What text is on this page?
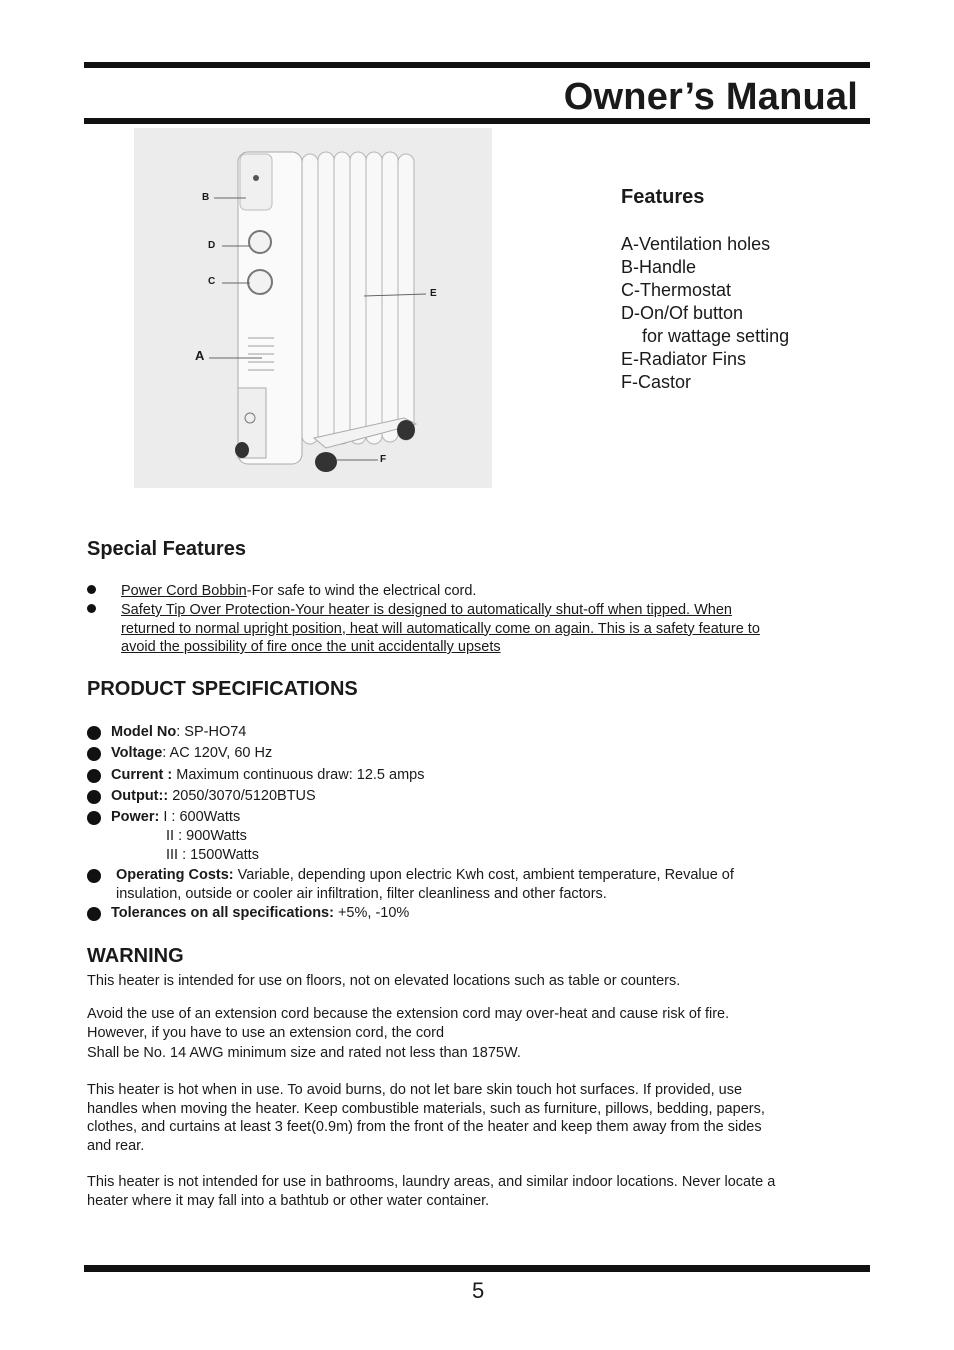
Owner’s Manual
B
D
C
A
E
F
Features
A-Ventilation holes
B-Handle
C-Thermostat
D-On/Of button
for wattage setting
E-Radiator Fins
F-Castor
Special Features
Power Cord Bobbin-For safe to wind the electrical cord.
Safety Tip Over Protection-Your heater is designed to automatically shut-off when tipped. When
returned to normal upright position, heat will automatically come on again. This is a safety feature to
avoid the possibility of fire once the unit accidentally upsets
PRODUCT SPECIFICATIONS
Model No: SP-HO74
Voltage: AC 120V, 60 Hz
Current : Maximum continuous draw: 12.5 amps
Output:: 2050/3070/5120BTUS
Power: I : 600Watts
II : 900Watts
III : 1500Watts
Operating Costs: Variable, depending upon electric Kwh cost, ambient temperature, Revalue of
insulation, outside or cooler air infiltration, filter cleanliness and other factors.
Tolerances on all specifications: +5%, -10%
WARNING

This heater is intended for use on floors, not on elevated locations such as table or counters.

Avoid the use of an extension cord because the extension cord may over-heat and cause risk of fire.
However, if you have to use an extension cord, the cord
Shall be No. 14 AWG minimum size and rated not less than 1875W.
This heater is hot when in use. To avoid burns, do not let bare skin touch hot surfaces. If provided, use
handles when moving the heater. Keep combustible materials, such as furniture, pillows, bedding, papers,
clothes, and curtains at least 3 feet(0.9m) from the front of the heater and keep them away from the sides
and rear.
This heater is not intended for use in bathrooms, laundry areas, and similar indoor locations. Never locate a
heater where it may fall into a bathtub or other water container.
5
